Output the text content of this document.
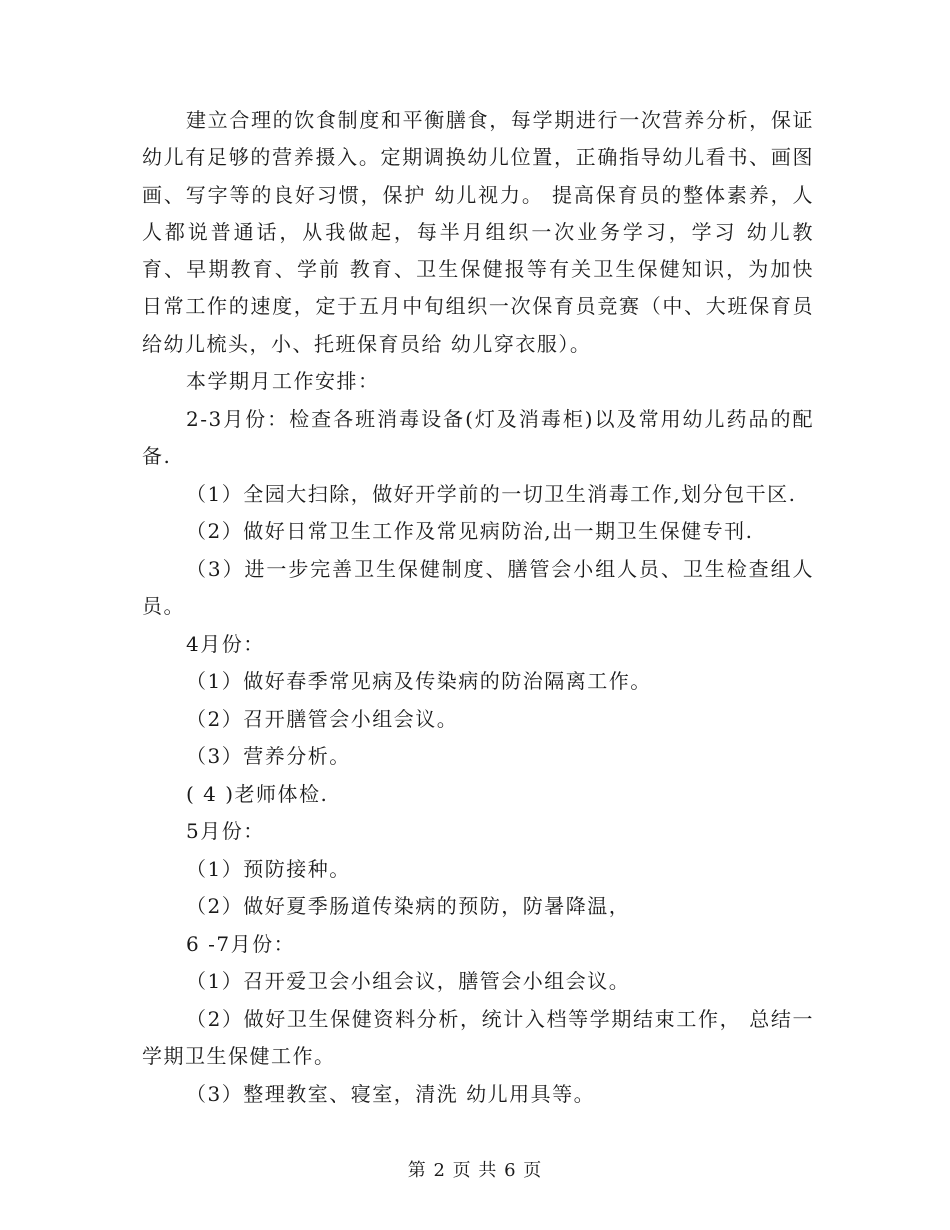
建立合理的饮食制度和平衡膳食，每学期进行一次营养分析，保证幼儿有足够的营养摄入。定期调换幼儿位置，正确指导幼儿看书、画图画、写字等的良好习惯，保护 幼儿视力。 提高保育员的整体素养，人人都说普通话，从我做起，每半月组织一次业务学习，学习 幼儿教育、早期教育、学前 教育、卫生保健报等有关卫生保健知识，为加快日常工作的速度，定于五月中旬组织一次保育员竞赛（中、大班保育员给幼儿梳头，小、托班保育员给 幼儿穿衣服）。

本学期月工作安排：

2-3月份：检查各班消毒设备(灯及消毒柜)以及常用幼儿药品的配备.

（1）全园大扫除，做好开学前的一切卫生消毒工作,划分包干区.

（2）做好日常卫生工作及常见病防治,出一期卫生保健专刊.

（3）进一步完善卫生保健制度、膳管会小组人员、卫生检查组人员。

4月份：

（1）做好春季常见病及传染病的防治隔离工作。

（2）召开膳管会小组会议。

（3）营养分析。

( 4 )老师体检.

5月份：

（1）预防接种。

（2）做好夏季肠道传染病的预防，防暑降温，

6 -7月份：

（1）召开爱卫会小组会议，膳管会小组会议。

（2）做好卫生保健资料分析，统计入档等学期结束工作， 总结一学期卫生保健工作。

（3）整理教室、寝室，清洗 幼儿用具等。

第 2 页 共 6 页
